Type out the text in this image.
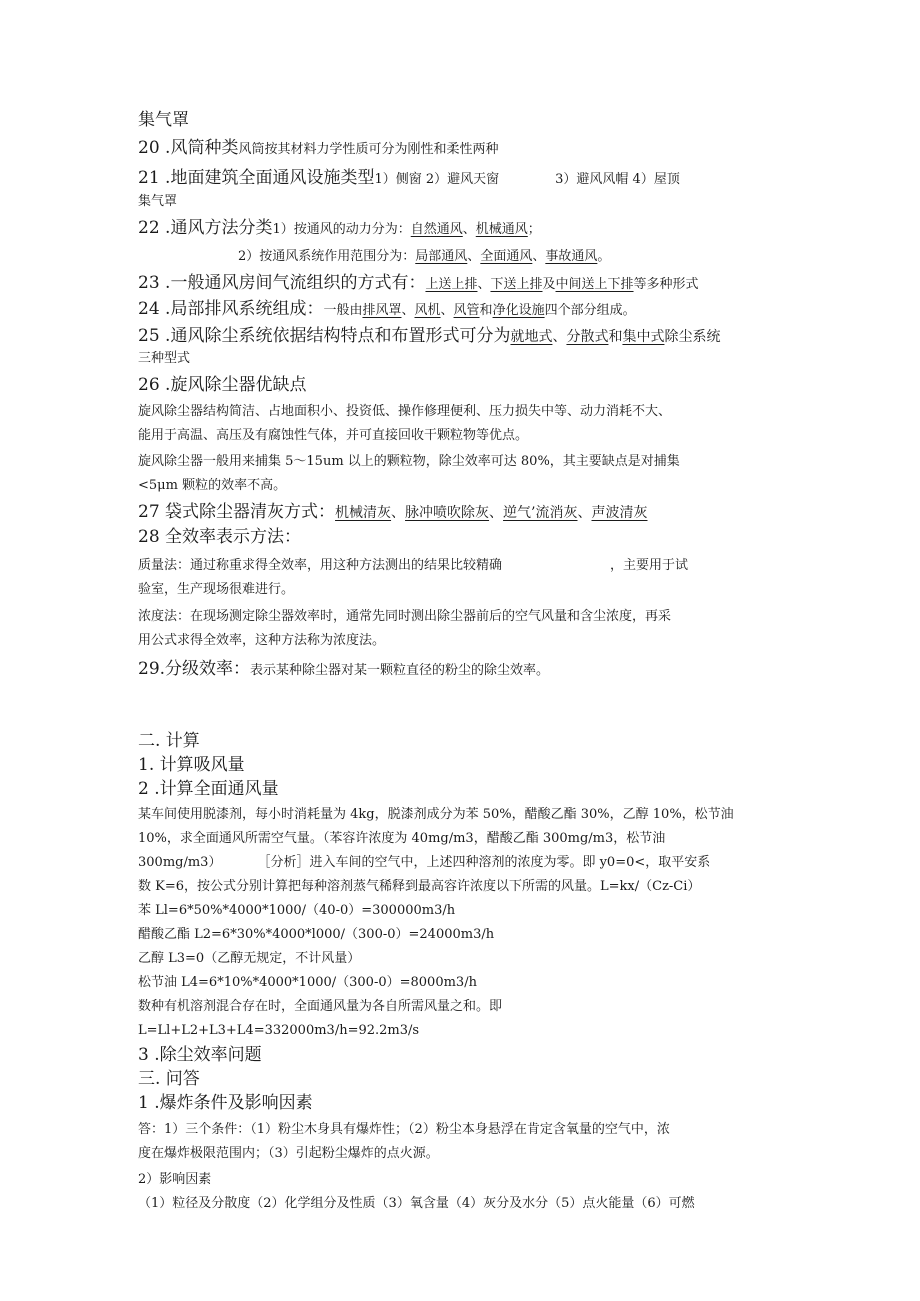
集气罩
20 .风筒种类风筒按其材料力学性质可分为刚性和柔性两种
21 .地面建筑全面通风设施类型1）侧窗 2）避风天窗	3）避风风帽 4）屋顶
集气罩
22 .通风方法分类1）按通风的动力分为：自然通风、机械通风；
2）按通风系统作用范围分为：局部通风、全面通风、事故通风。
23 .一般通风房间气流组织的方式有：上送上排、下送上排及中间送上下排等多种形式
24 .局部排风系统组成：一般由排风罩、风机、风管和净化设施四个部分组成。
25 .通风除尘系统依据结构特点和布置形式可分为就地式、分散式和集中式除尘系统
三种型式
26 .旋风除尘器优缺点
旋风除尘器结构简洁、占地面积小、投资低、操作修理便利、压力损失中等、动力消耗不大、
能用于高温、高压及有腐蚀性气体，并可直接回收干颗粒物等优点。
旋风除尘器一般用来捕集 5～15um 以上的颗粒物，除尘效率可达 80%，其主要缺点是对捕集
<5μm 颗粒的效率不高。
27 袋式除尘器清灰方式：机械清灰、脉冲喷吹除灰、逆气’流消灰、声波清灰
28 全效率表示方法：
质量法：通过称重求得全效率，用这种方法测出的结果比较精确	，主要用于试
验室，生产现场很难进行。
浓度法：在现场测定除尘器效率时，通常先同时测出除尘器前后的空气风量和含尘浓度，再采
用公式求得全效率，这种方法称为浓度法。
29.分级效率：表示某种除尘器对某一颗粒直径的粉尘的除尘效率。
二. 计算
1. 计算吸风量
2 .计算全面通风量
某车间使用脱漆剂，每小时消耗量为 4kg，脱漆剂成分为苯 50%，醋酸乙酯 30%，乙醇 10%，松节油
10%，求全面通风所需空气量。（苯容许浓度为 40mg/m3，醋酸乙酯 300mg/m3，松节油
300mg/m3）	［分析］进入车间的空气中，上述四种溶剂的浓度为零。即 y0=0<，取平安系
数 K=6，按公式分别计算把每种溶剂蒸气稀释到最高容许浓度以下所需的风量。L=kx/（Cz-Ci）
苯 Ll=6*50%*4000*1000/（40-0）=300000m3/h
醋酸乙酯 L2=6*30%*4000*l000/（300-0）=24000m3/h
乙醇 L3=0（乙醇无规定，不计风量）
松节油 L4=6*10%*4000*1000/（300-0）=8000m3/h
数种有机溶剂混合存在时，全面通风量为各自所需风量之和。即
L=Ll+L2+L3+L4=332000m3/h=92.2m3/s
3 .除尘效率问题
三. 问答
1 .爆炸条件及影响因素
答：1）三个条件：（1）粉尘木身具有爆炸性；（2）粉尘本身悬浮在肯定含氧量的空气中，浓
度在爆炸极限范围内；（3）引起粉尘爆炸的点火源。
2）影响因素
（1）粒径及分散度（2）化学组分及性质（3）氧含量（4）灰分及水分（5）点火能量（6）可燃
